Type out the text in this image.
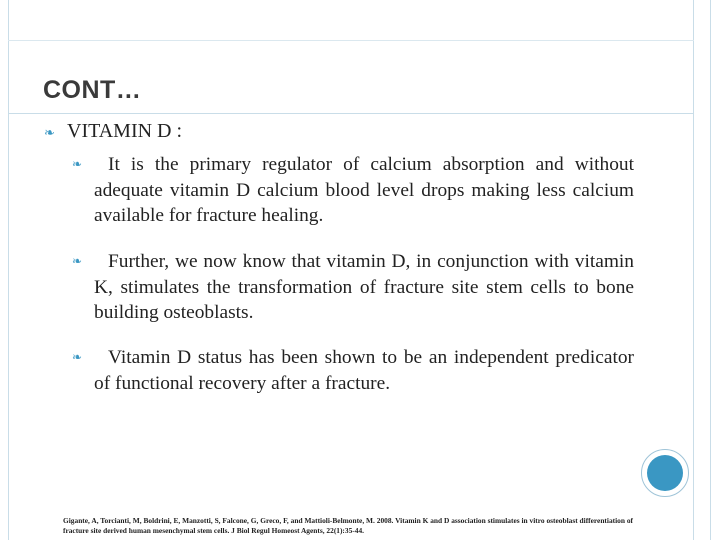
CONT…
❧ VITAMIN D :

❧	It is the primary regulator of calcium absorption and without adequate vitamin D calcium blood level drops making less calcium available for fracture healing.

❧	Further, we now know that vitamin D, in conjunction with vitamin K, stimulates the transformation of fracture site stem cells to bone building osteoblasts.

❧	Vitamin D status has been shown to be an independent predicator of functional recovery after a fracture.

Gigante, A, Torcianti, M, Boldrini, E, Manzotti, S, Falcone, G, Greco, F, and Mattioli-Belmonte, M. 2008. Vitamin K and D association stimulates in vitro osteoblast differentiation of fracture site derived human mesenchymal stem cells. J Biol Regul Homeost Agents, 22(1):35-44.
